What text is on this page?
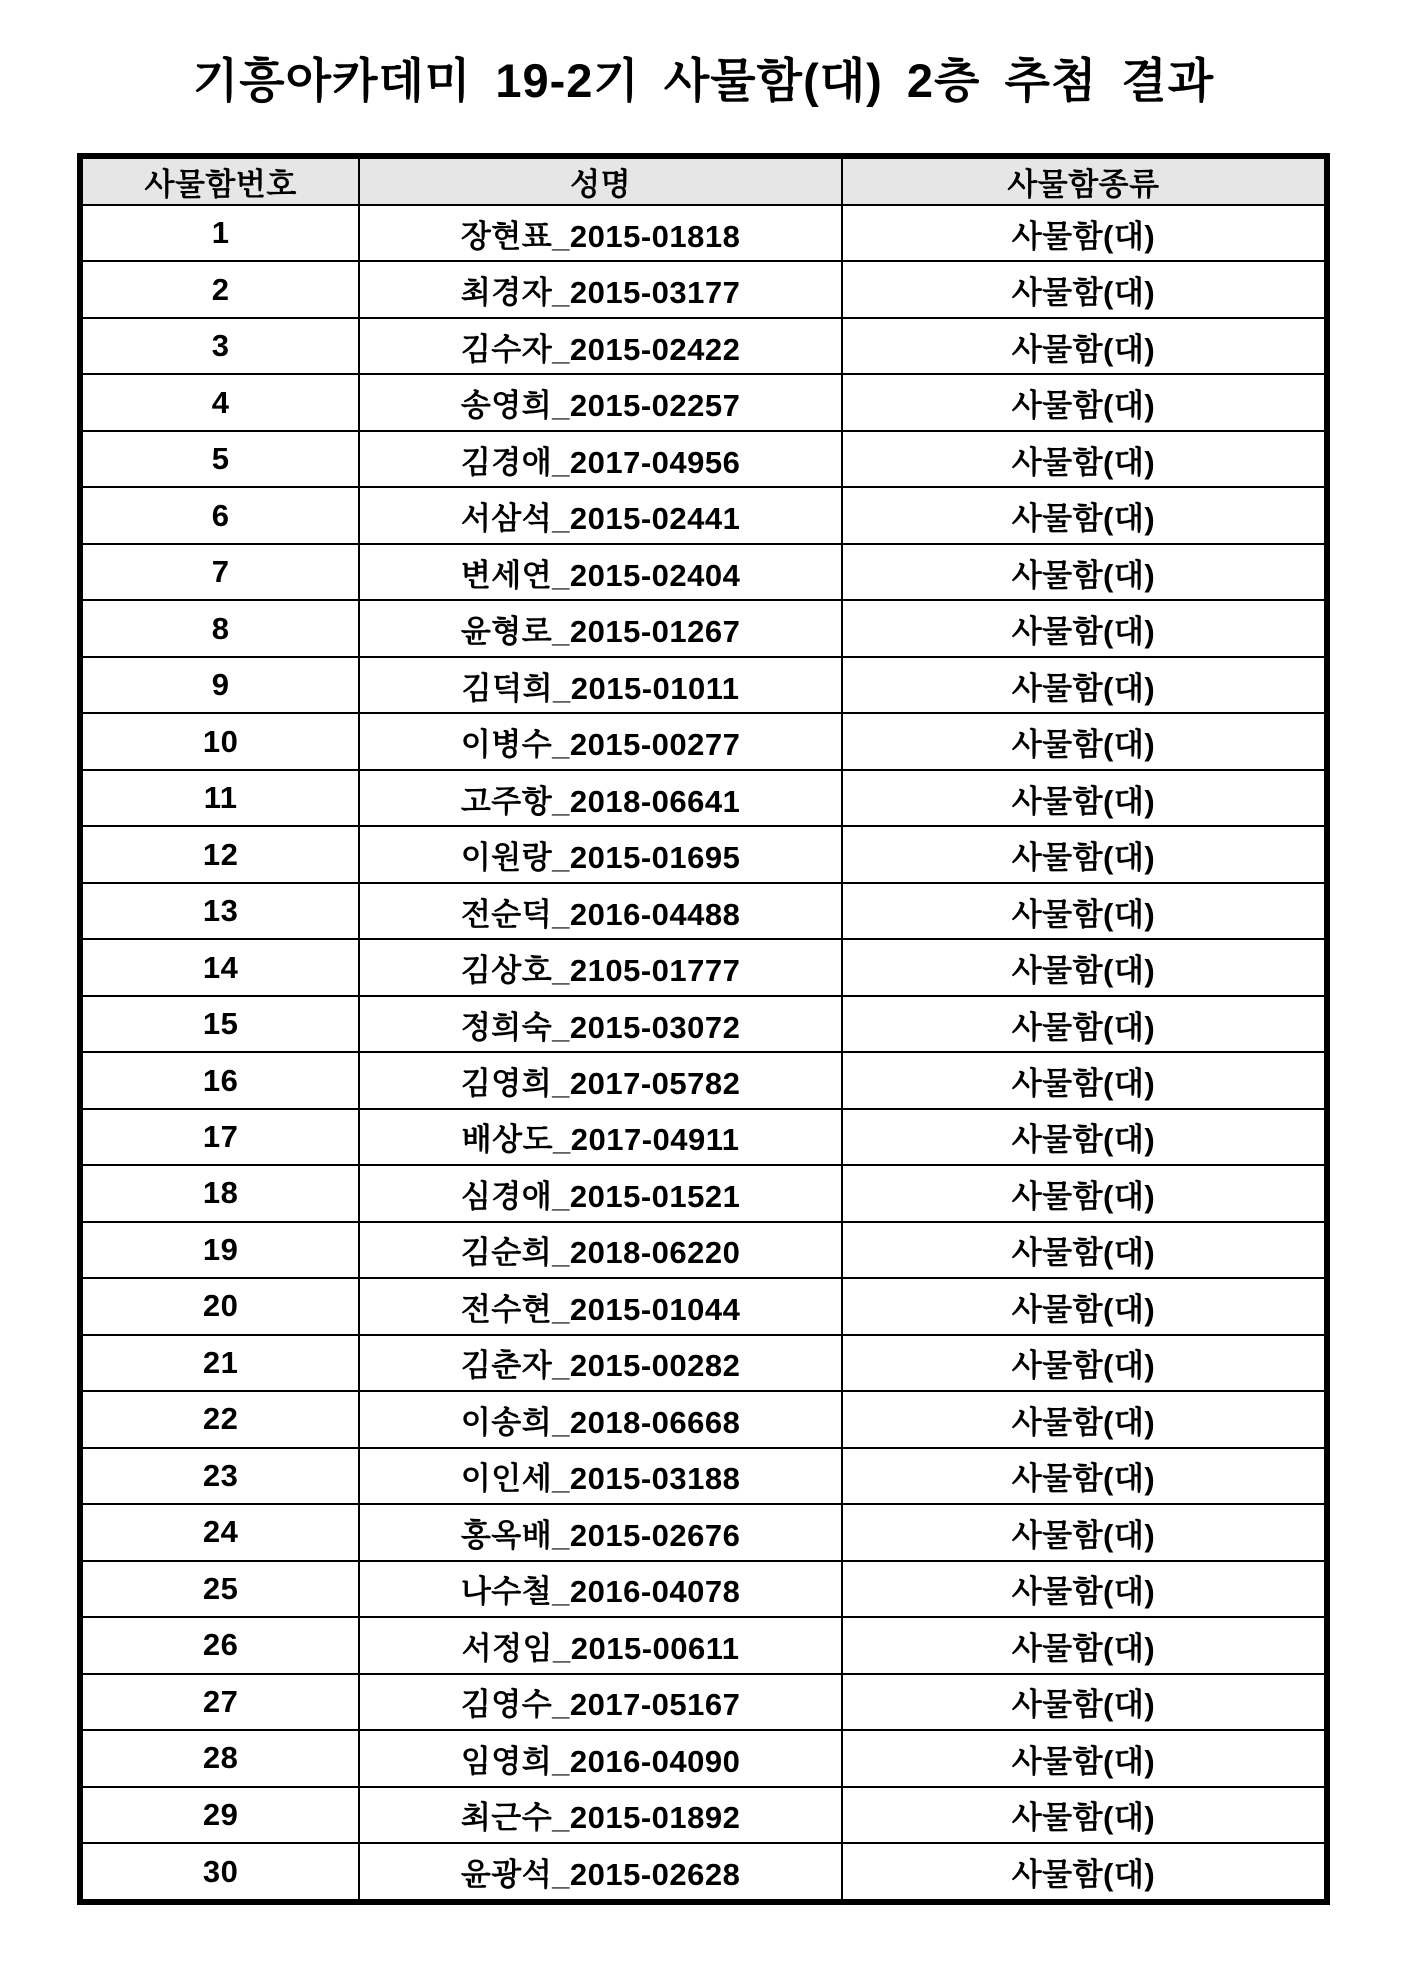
기흥아카데미 19-2기 사물함(대) 2층 추첨 결과
사물함번호	성명	사물함종류
1	장현표_2015-01818	사물함(대)
2	최경자_2015-03177	사물함(대)
3	김수자_2015-02422	사물함(대)
4	송영희_2015-02257	사물함(대)
5	김경애_2017-04956	사물함(대)
6	서삼석_2015-02441	사물함(대)
7	변세연_2015-02404	사물함(대)
8	윤형로_2015-01267	사물함(대)
9	김덕희_2015-01011	사물함(대)
10	이병수_2015-00277	사물함(대)
11	고주항_2018-06641	사물함(대)
12	이원랑_2015-01695	사물함(대)
13	전순덕_2016-04488	사물함(대)
14	김상호_2105-01777	사물함(대)
15	정희숙_2015-03072	사물함(대)
16	김영희_2017-05782	사물함(대)
17	배상도_2017-04911	사물함(대)
18	심경애_2015-01521	사물함(대)
19	김순희_2018-06220	사물함(대)
20	전수현_2015-01044	사물함(대)
21	김춘자_2015-00282	사물함(대)
22	이송희_2018-06668	사물함(대)
23	이인세_2015-03188	사물함(대)
24	홍옥배_2015-02676	사물함(대)
25	나수철_2016-04078	사물함(대)
26	서정임_2015-00611	사물함(대)
27	김영수_2017-05167	사물함(대)
28	임영희_2016-04090	사물함(대)
29	최근수_2015-01892	사물함(대)
30	윤광석_2015-02628	사물함(대)
